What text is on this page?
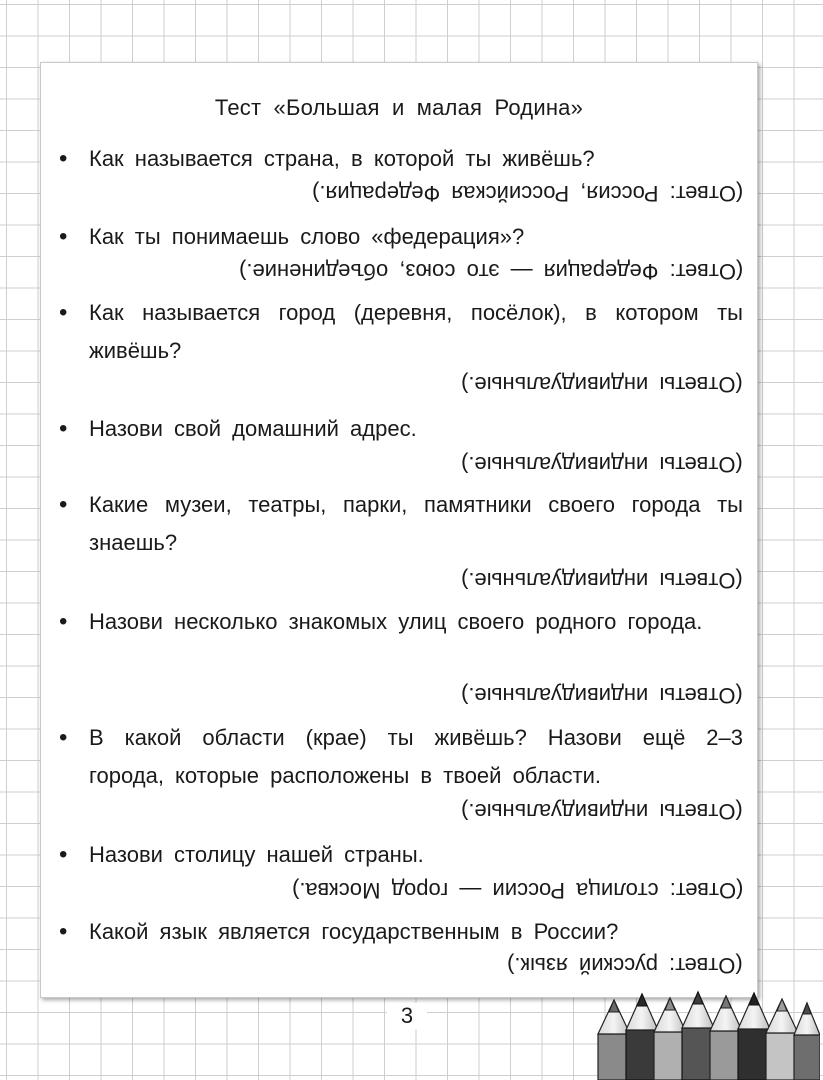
Тест «Большая и малая Родина»
• Как называется страна, в которой ты живёшь?
(Ответ: Россия, Российская Федерация.)
• Как ты понимаешь слово «федерация»?
(Ответ: Федерация — это союз, объединение.)
• Как называется город (деревня, посёлок), в котором ты живёшь?
(Ответы индивидуальные.)
• Назови свой домашний адрес.
(Ответы индивидуальные.)
• Какие музеи, театры, парки, памятники своего города ты знаешь?
(Ответы индивидуальные.)
• Назови несколько знакомых улиц своего родного города.
(Ответы индивидуальные.)
• В какой области (крае) ты живёшь? Назови ещё 2–3 города, которые расположены в твоей области.
(Ответы индивидуальные.)
• Назови столицу нашей страны.
(Ответ: столица России — город Москва.)
• Какой язык является государственным в России?
(Ответ: русский язык.)
3
